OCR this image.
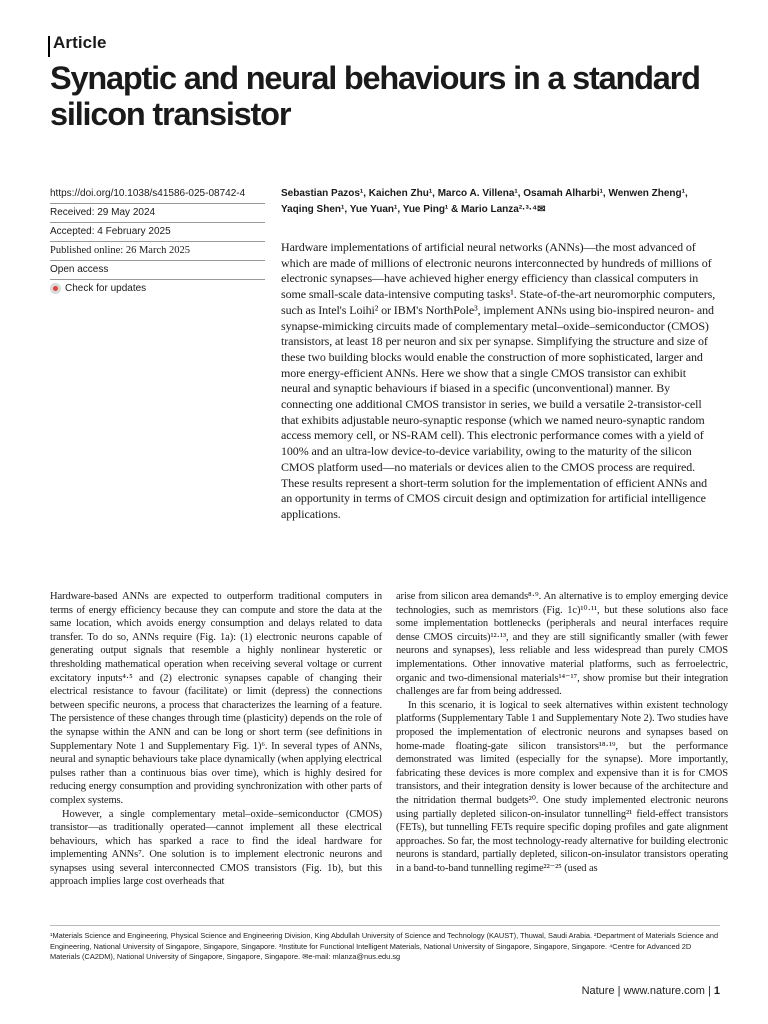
Article
Synaptic and neural behaviours in a standard silicon transistor
https://doi.org/10.1038/s41586-025-08742-4
Received: 29 May 2024
Accepted: 4 February 2025
Published online: 26 March 2025
Open access
Check for updates
Sebastian Pazos¹, Kaichen Zhu¹, Marco A. Villena¹, Osamah Alharbi¹, Wenwen Zheng¹, Yaqing Shen¹, Yue Yuan¹, Yue Ping¹ & Mario Lanza²·³·⁴✉

Hardware implementations of artificial neural networks (ANNs)—the most advanced of which are made of millions of electronic neurons interconnected by hundreds of millions of electronic synapses—have achieved higher energy efficiency than classical computers in some small-scale data-intensive computing tasks¹. State-of-the-art neuromorphic computers, such as Intel's Loihi² or IBM's NorthPole³, implement ANNs using bio-inspired neuron- and synapse-mimicking circuits made of complementary metal–oxide–semiconductor (CMOS) transistors, at least 18 per neuron and six per synapse. Simplifying the structure and size of these two building blocks would enable the construction of more sophisticated, larger and more energy-efficient ANNs. Here we show that a single CMOS transistor can exhibit neural and synaptic behaviours if biased in a specific (unconventional) manner. By connecting one additional CMOS transistor in series, we build a versatile 2-transistor-cell that exhibits adjustable neuro-synaptic response (which we named neuro-synaptic random access memory cell, or NS-RAM cell). This electronic performance comes with a yield of 100% and an ultra-low device-to-device variability, owing to the maturity of the silicon CMOS platform used—no materials or devices alien to the CMOS process are required. These results represent a short-term solution for the implementation of efficient ANNs and an opportunity in terms of CMOS circuit design and optimization for artificial intelligence applications.

Hardware-based ANNs are expected to outperform traditional computers in terms of energy efficiency because they can compute and store the data at the same location, which avoids energy consumption and delays related to data transfer. To do so, ANNs require (Fig. 1a): (1) electronic neurons capable of generating output signals that resemble a highly nonlinear hysteretic or thresholding mathematical operation when receiving several voltage or current excitatory inputs⁴·⁵ and (2) electronic synapses capable of changing their electrical resistance to favour (facilitate) or limit (depress) the connections between specific neurons, a process that characterizes the learning of a feature. The persistence of these changes through time (plasticity) depends on the role of the synapse within the ANN and can be long or short term (see definitions in Supplementary Note 1 and Supplementary Fig. 1)⁶. In several types of ANNs, neural and synaptic behaviours take place dynamically (when applying electrical pulses rather than a continuous bias over time), which is highly desired for reducing energy consumption and providing synchronization with other parts of complex systems.

However, a single complementary metal–oxide–semiconductor (CMOS) transistor—as traditionally operated—cannot implement all these electrical behaviours, which has sparked a race to find the ideal hardware for implementing ANNs⁷. One solution is to implement electronic neurons and synapses using several interconnected CMOS transistors (Fig. 1b), but this approach implies large cost overheads that

arise from silicon area demands⁸·⁹. An alternative is to employ emerging device technologies, such as memristors (Fig. 1c)¹⁰·¹¹, but these solutions also face some implementation bottlenecks (peripherals and neural interfaces require dense CMOS circuits)¹²·¹³, and they are still significantly smaller (with fewer neurons and synapses), less reliable and less widespread than purely CMOS implementations. Other innovative material platforms, such as ferroelectric, organic and two-dimensional materials¹⁴⁻¹⁷, show promise but their integration challenges are far from being addressed.

In this scenario, it is logical to seek alternatives within existent technology platforms (Supplementary Table 1 and Supplementary Note 2). Two studies have proposed the implementation of electronic neurons and synapses based on home-made floating-gate silicon transistors¹⁸·¹⁹, but the performance demonstrated was limited (especially for the synapse). More importantly, fabricating these devices is more complex and expensive than it is for CMOS transistors, and their integration density is lower because of the architecture and the nitridation thermal budgets²⁰. One study implemented electronic neurons using partially depleted silicon-on-insulator tunnelling²¹ field-effect transistors (FETs), but tunnelling FETs require specific doping profiles and gate alignment approaches. So far, the most technology-ready alternative for building electronic neurons is standard, partially depleted, silicon-on-insulator transistors operating in a band-to-band tunnelling regime²²⁻²⁵ (used as

¹Materials Science and Engineering, Physical Science and Engineering Division, King Abdullah University of Science and Technology (KAUST), Thuwal, Saudi Arabia. ²Department of Materials Science and Engineering, National University of Singapore, Singapore, Singapore. ³Institute for Functional Intelligent Materials, National University of Singapore, Singapore, Singapore. ⁴Centre for Advanced 2D Materials (CA2DM), National University of Singapore, Singapore, Singapore. ✉e-mail: mlanza@nus.edu.sg
Nature | www.nature.com | 1
